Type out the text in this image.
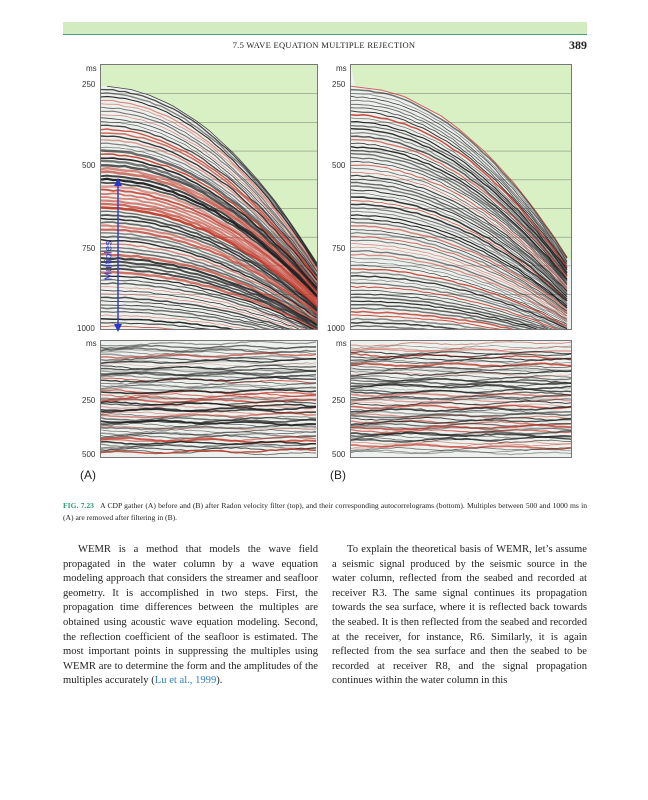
7.5 WAVE EQUATION MULTIPLE REJECTION	389
ms
250
500
750
1000
Multiples
ms
250
500
(A)
ms
250
500
750
1000
ms
250
500
(B)
FIG. 7.23 A CDP gather (A) before and (B) after Radon velocity filter (top), and their corresponding autocorrelograms (bottom). Multiples between 500 and 1000 ms in (A) are removed after filtering in (B).

WEMR is a method that models the wave field propagated in the water column by a wave equation modeling approach that considers the streamer and seafloor geometry. It is accomplished in two steps. First, the propagation time differences between the multiples are obtained using acoustic wave equation modeling. Second, the reflection coefficient of the seafloor is estimated. The most important points in suppressing the multiples using WEMR are to determine the form and the amplitudes of the multiples accurately (Lu et al., 1999).

To explain the theoretical basis of WEMR, let’s assume a seismic signal produced by the seismic source in the water column, reflected from the seabed and recorded at receiver R3. The same signal continues its propagation towards the sea surface, where it is reflected back towards the seabed. It is then reflected from the seabed and recorded at the receiver, for instance, R6. Similarly, it is again reflected from the sea surface and then the seabed to be recorded at receiver R8, and the signal propagation continues within the water column in this
